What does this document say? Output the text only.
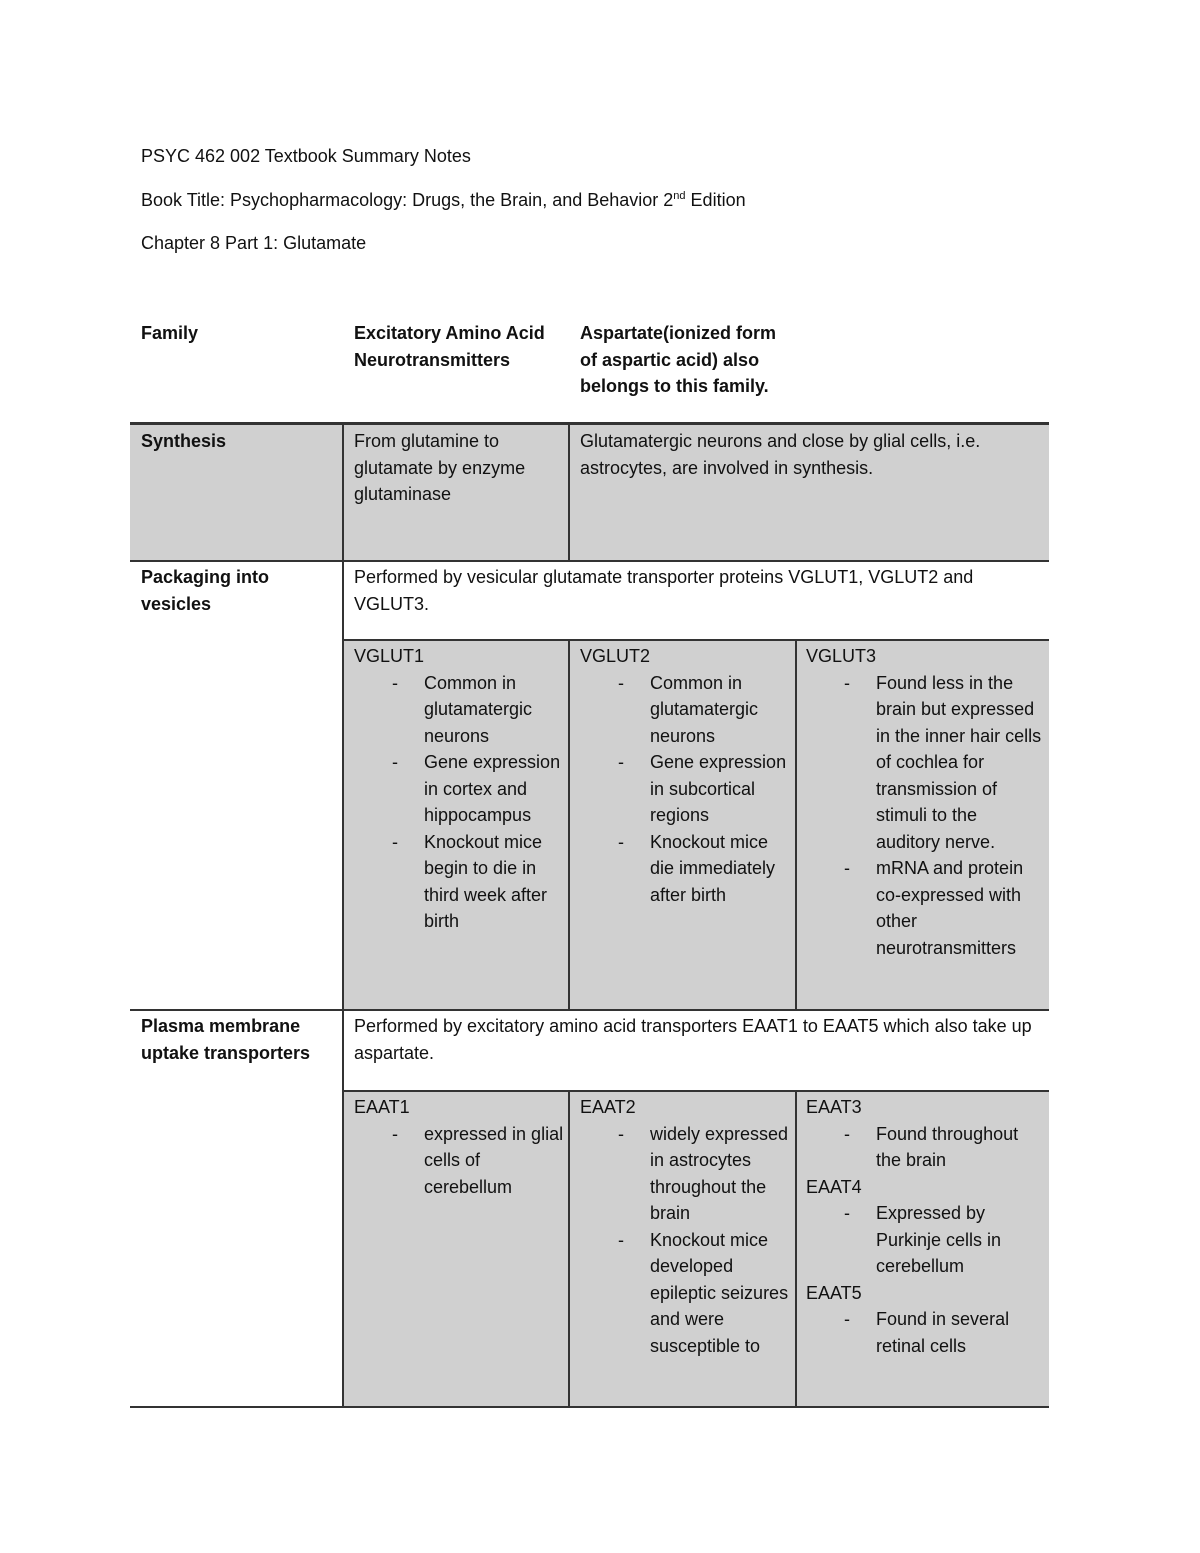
PSYC 462 002 Textbook Summary Notes
Book Title: Psychopharmacology: Drugs, the Brain, and Behavior 2nd Edition
Chapter 8 Part 1: Glutamate
Family	Excitatory Amino Acid Neurotransmitters
Aspartate(ionized form of aspartic acid) also belongs to this family.
Synthesis	From glutamine to glutamate by enzyme glutaminase
Glutamatergic neurons and close by glial cells, i.e. astrocytes, are involved in synthesis.
Packaging into vesicles
Performed by vesicular glutamate transporter proteins VGLUT1, VGLUT2 and VGLUT3.
VGLUT1
- Common in glutamatergic neurons
- Gene expression in cortex and hippocampus
- Knockout mice begin to die in third week after birth
VGLUT2
- Common in glutamatergic neurons
- Gene expression in subcortical regions
- Knockout mice die immediately after birth
VGLUT3
- Found less in the brain but expressed in the inner hair cells of cochlea for transmission of stimuli to the auditory nerve.
- mRNA and protein co-expressed with other neurotransmitters
Plasma membrane uptake transporters
Performed by excitatory amino acid transporters EAAT1 to EAAT5 which also take up aspartate.
EAAT1
- expressed in glial cells of cerebellum
EAAT2
- widely expressed in astrocytes throughout the brain
- Knockout mice developed epileptic seizures and were susceptible to
EAAT3
- Found throughout the brain
EAAT4
- Expressed by Purkinje cells in cerebellum
EAAT5
- Found in several retinal cells
